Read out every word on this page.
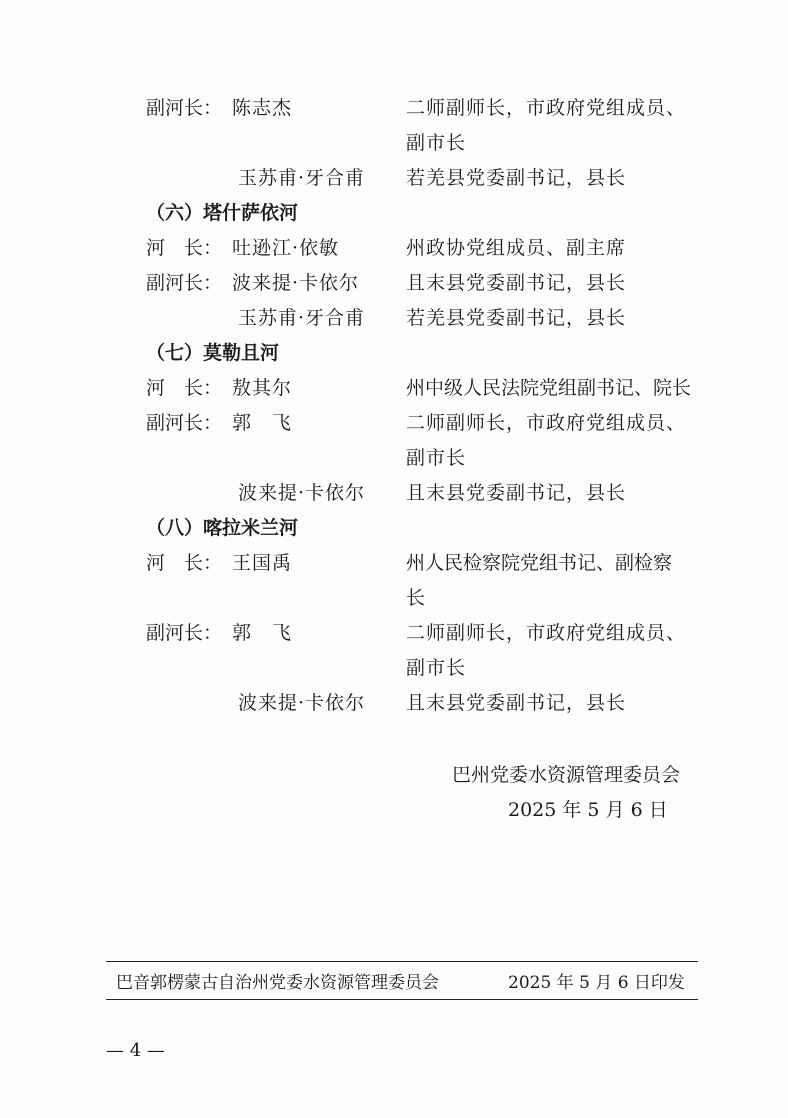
副河长： 陈志杰	二师副师长，市政府党组成员、
副市长
玉苏甫·牙合甫 若羌县党委副书记，县长
（六）塔什萨依河
河　长： 吐逊江·依敏	州政协党组成员、副主席
副河长： 波来提·卡依尔 且末县党委副书记，县长
玉苏甫·牙合甫 若羌县党委副书记，县长
（七）莫勒且河
河　长： 敖其尔	州中级人民法院党组副书记、院长
副河长： 郭　飞	二师副师长，市政府党组成员、
副市长
波来提·卡依尔 且末县党委副书记，县长
（八）喀拉米兰河
河　长： 王国禹	州人民检察院党组书记、副检察
长
副河长： 郭　飞	二师副师长，市政府党组成员、
副市长
波来提·卡依尔 且末县党委副书记，县长
巴州党委水资源管理委员会
2025 年 5 月 6 日
巴音郭楞蒙古自治州党委水资源管理委员会	2025 年 5 月 6 日印发
— 4 —
